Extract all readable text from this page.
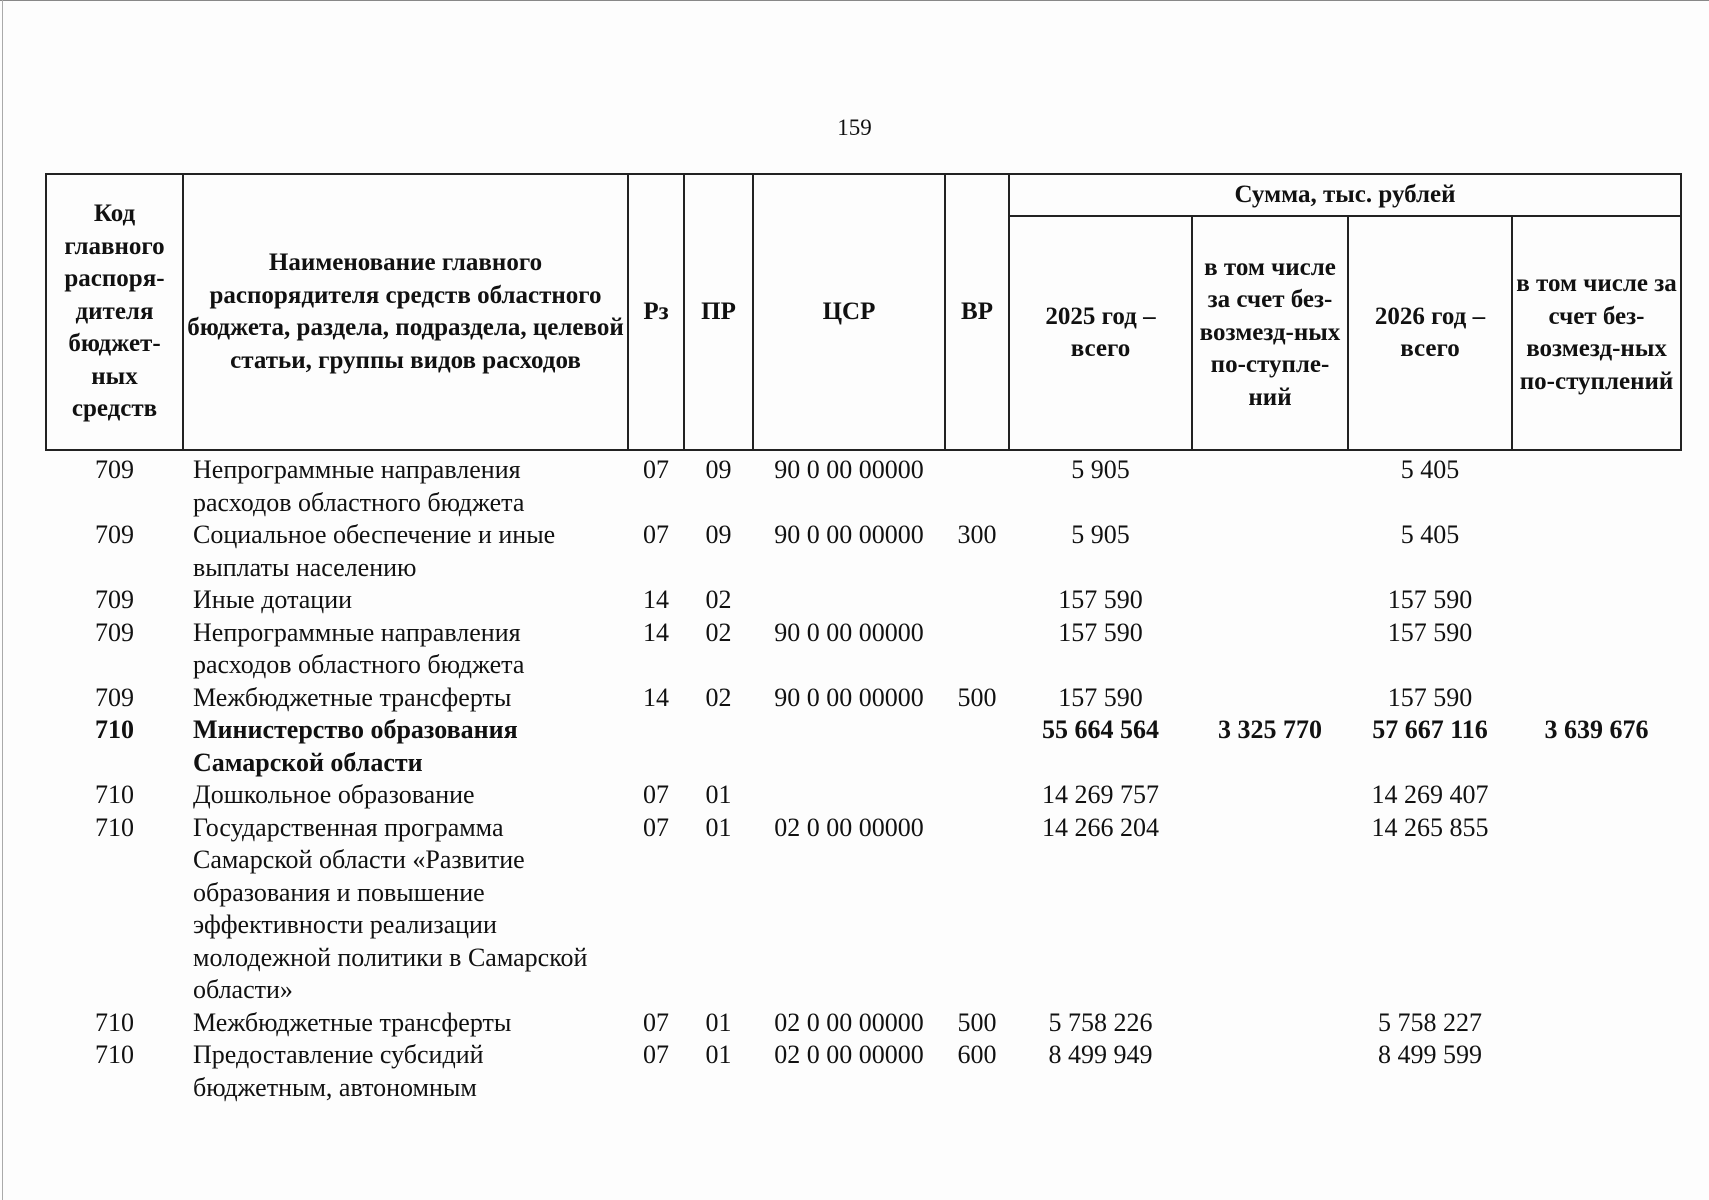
159
Код главного распоря-дителя бюджет-ных средств	Наименование главного распорядителя средств областного бюджета, раздела, подраздела, целевой статьи, группы видов расходов	Рз	ПР	ЦСР	ВР	Сумма, тыс. рублей			
						2025 год – всего	в том числе за счет без-возмезд-ных по-ступле-ний	2026 год – всего	в том числе за счет без-возмезд-ных по-ступлений
709	Непрограммные направления расходов областного бюджета	07	09	90 0 00 00000		5 905		5 405	
709	Социальное обеспечение и иные выплаты населению	07	09	90 0 00 00000	300	5 905		5 405	
709	Иные дотации	14	02			157 590		157 590	
709	Непрограммные направления расходов областного бюджета	14	02	90 0 00 00000		157 590		157 590	
709	Межбюджетные трансферты	14	02	90 0 00 00000	500	157 590		157 590	
710	Министерство образования Самарской области					55 664 564	3 325 770	57 667 116	3 639 676
710	Дошкольное образование	07	01			14 269 757		14 269 407	
710	Государственная программа Самарской области «Развитие образования и повышение эффективности реализации молодежной политики в Самарской области»	07	01	02 0 00 00000		14 266 204		14 265 855	
710	Межбюджетные трансферты	07	01	02 0 00 00000	500	5 758 226		5 758 227	
710	Предоставление субсидий бюджетным, автономным	07	01	02 0 00 00000	600	8 499 949		8 499 599	
